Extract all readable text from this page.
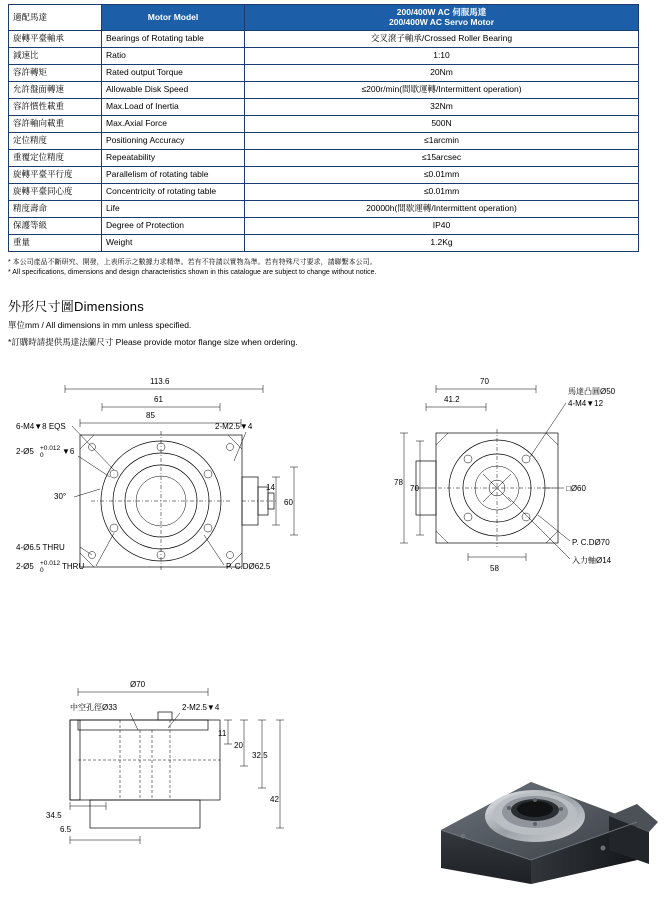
適配馬達	Motor Model	200/400W AC 伺服馬達
200/400W AC Servo Motor
旋轉平臺軸承	Bearings of Rotating table	交叉滾子軸承/Crossed Roller Bearing
減速比	Ratio	1:10
容許轉矩	Rated output Torque	20Nm
允許盤面轉速	Allowable Disk Speed	≤200r/min(間歇運轉/Intermittent operation)
容許慣性載重	Max.Load of Inertia	32Nm
容許軸向載重	Max.Axial Force	500N
定位精度	Positioning Accuracy	≤1arcmin
重覆定位精度	Repeatability	≤15arcsec
旋轉平臺平行度	Parallelism of rotating table	≤0.01mm
旋轉平臺同心度	Concentricity of rotating table	≤0.01mm
精度壽命	Life	20000h(間歇運轉/Intermittent operation)
保護等級	Degree of Protection	IP40
重量	Weight	1.2Kg
* 本公司產品不斷研究、開發，上表所示之數據力求精準。若有不符請以實物為準。若有特殊尺寸要求，請聯繫本公司。
* All specifications, dimensions and design characteristics shown in this catalogue are subject to change without notice.
外形尺寸圖Dimensions
單位mm / All dimensions in mm unless specified.
*訂購時請提供馬達法蘭尺寸 Please provide motor flange size when ordering.
113.6
61
85
6-M4▼8 EQS
2-Ø5 +0.012
0 ▼6
2-M2.5▼4
30°
14
60
4-Ø6.5 THRU
2-Ø5 +0.012
0 THRU	P. C.DØ62.5
70
41.2
78
70
馬達凸圓Ø50
4-M4▼12
□Ø60
P. C.DØ70
入力軸Ø14
58
Ø70
中空孔徑Ø33	2-M2.5▼4
11
20
32.5
42
34.5
6.5
